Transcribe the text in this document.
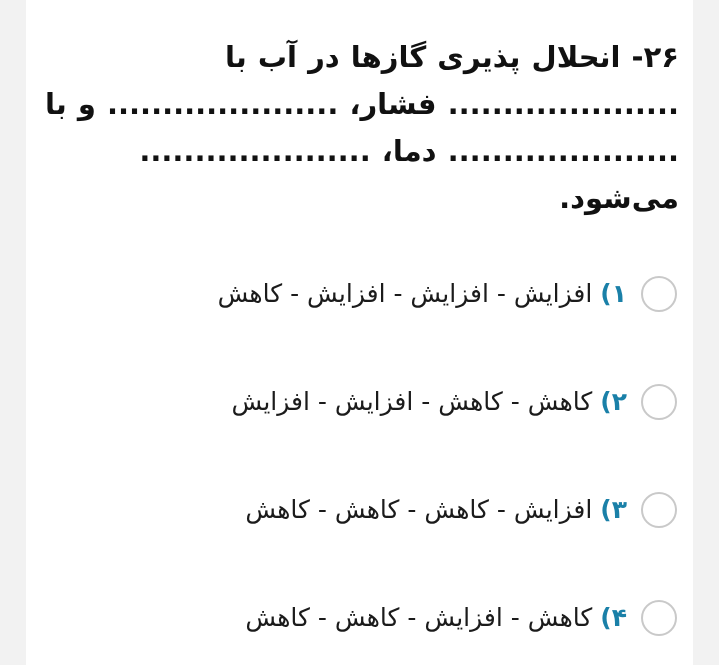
۲۶- انحلال پذیری گازها در آب با
..................... فشار، ..................... و با
..................... دما، .....................
می‌شود.
۱)
افزایش - افزایش - افزایش - کاهش
۲)
کاهش - کاهش - افزایش - افزایش
۳)
افزایش - کاهش - کاهش - کاهش
۴)
کاهش - افزایش - کاهش - کاهش
